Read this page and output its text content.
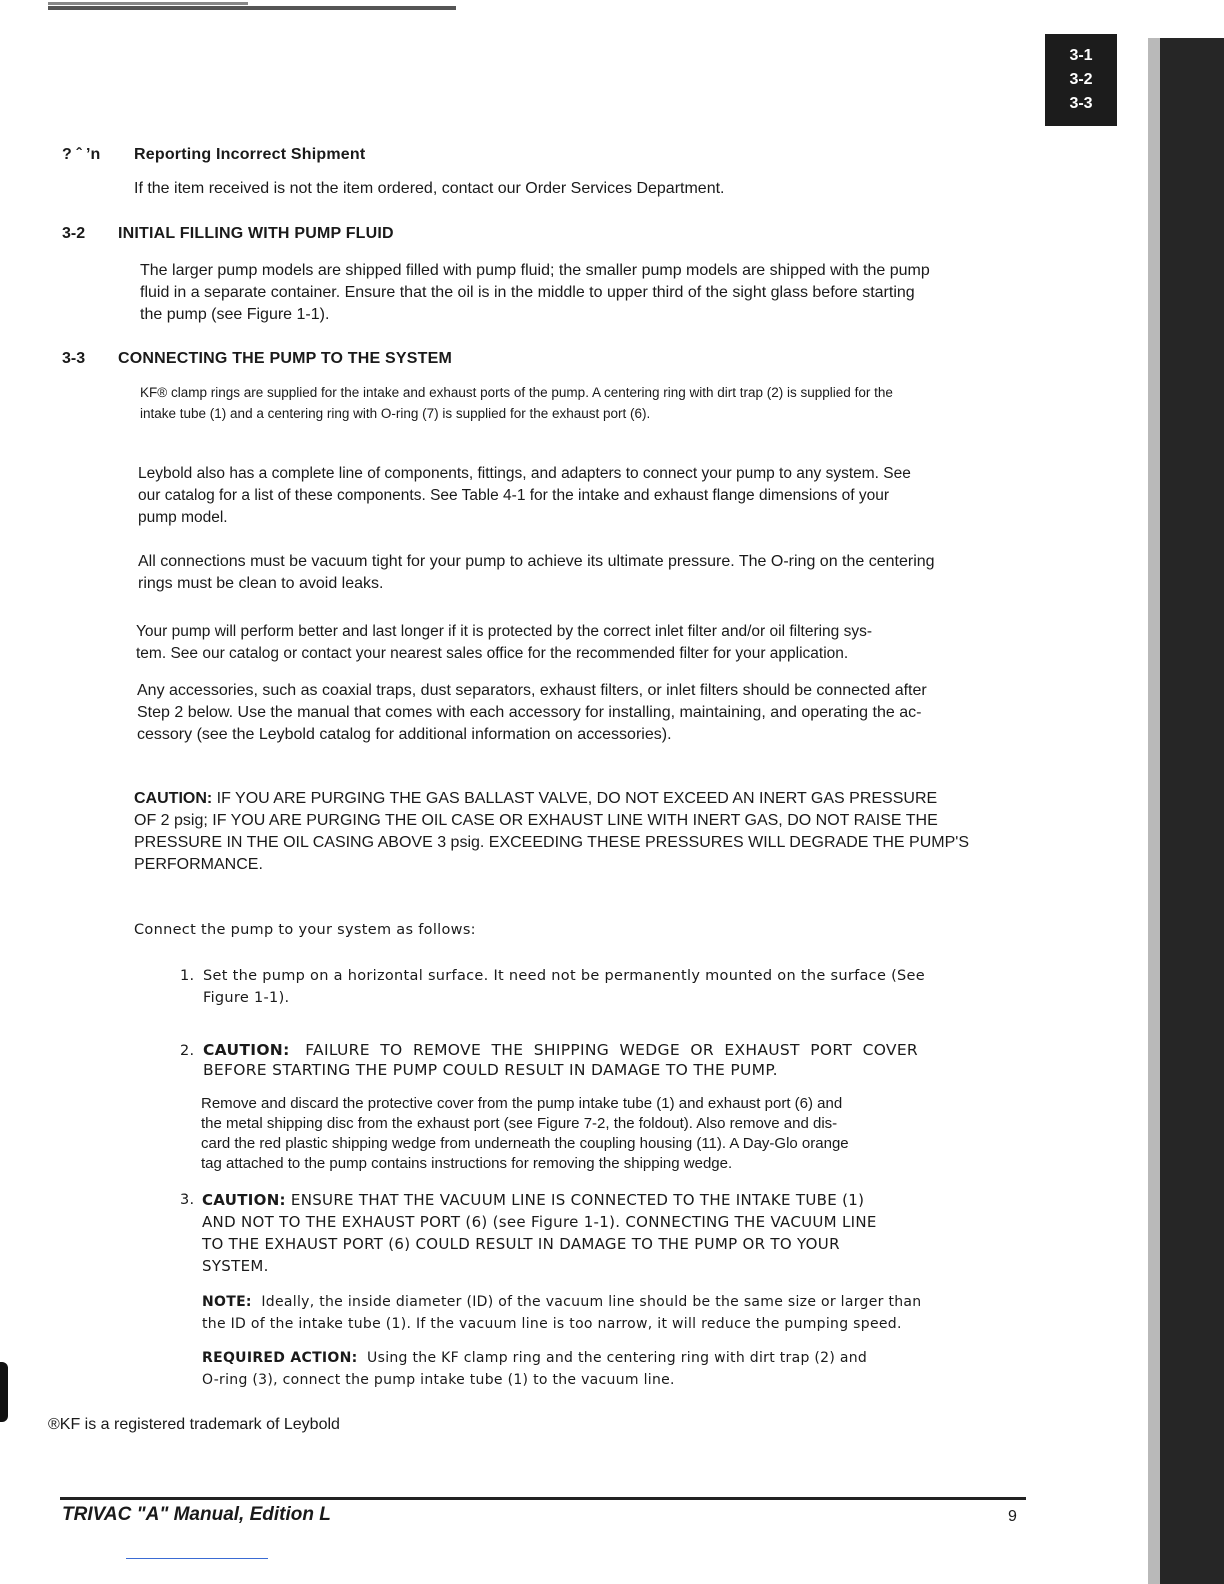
3-1
3-2
3-3
? ˆ ʼn Reporting Incorrect Shipment
If the item received is not the item ordered, contact our Order Services Department.
3-2 INITIAL FILLING WITH PUMP FLUID
The larger pump models are shipped filled with pump fluid; the smaller pump models are shipped with the pump
fluid in a separate container. Ensure that the oil is in the middle to upper third of the sight glass before starting
the pump (see Figure 1-1).
3-3 CONNECTING THE PUMP TO THE SYSTEM
KF® clamp rings are supplied for the intake and exhaust ports of the pump. A centering ring with dirt trap (2) is supplied for the
intake tube (1) and a centering ring with O-ring (7) is supplied for the exhaust port (6).
Leybold also has a complete line of components, fittings, and adapters to connect your pump to any system. See
our catalog for a list of these components. See Table 4-1 for the intake and exhaust flange dimensions of your
pump model.
All connections must be vacuum tight for your pump to achieve its ultimate pressure. The O-ring on the centering
rings must be clean to avoid leaks.
Your pump will perform better and last longer if it is protected by the correct inlet filter and/or oil filtering sys-
tem. See our catalog or contact your nearest sales office for the recommended filter for your application.
Any accessories, such as coaxial traps, dust separators, exhaust filters, or inlet filters should be connected after
Step 2 below. Use the manual that comes with each accessory for installing, maintaining, and operating the ac-
cessory (see the Leybold catalog for additional information on accessories).
CAUTION: IF YOU ARE PURGING THE GAS BALLAST VALVE, DO NOT EXCEED AN INERT GAS PRESSURE
OF 2 psig; IF YOU ARE PURGING THE OIL CASE OR EXHAUST LINE WITH INERT GAS, DO NOT RAISE THE
PRESSURE IN THE OIL CASING ABOVE 3 psig. EXCEEDING THESE PRESSURES WILL DEGRADE THE PUMP'S
PERFORMANCE.
Connect the pump to your system as follows:
1. Set the pump on a horizontal surface. It need not be permanently mounted on the surface (See
Figure 1-1).
2. CAUTION:   FAILURE  TO  REMOVE  THE  SHIPPING  WEDGE  OR  EXHAUST  PORT  COVER
BEFORE STARTING THE PUMP COULD RESULT IN DAMAGE TO THE PUMP.
Remove and discard the protective cover from the pump intake tube (1) and exhaust port (6) and
the metal shipping disc from the exhaust port (see Figure 7-2, the foldout). Also remove and dis-
card the red plastic shipping wedge from underneath the coupling housing (11). A Day-Glo orange
tag attached to the pump contains instructions for removing the shipping wedge.
3. CAUTION: ENSURE THAT THE VACUUM LINE IS CONNECTED TO THE INTAKE TUBE (1)
AND NOT TO THE EXHAUST PORT (6) (see Figure 1-1). CONNECTING THE VACUUM LINE
TO THE EXHAUST PORT (6) COULD RESULT IN DAMAGE TO THE PUMP OR TO YOUR
SYSTEM.
NOTE:  Ideally, the inside diameter (ID) of the vacuum line should be the same size or larger than
the ID of the intake tube (1). If the vacuum line is too narrow, it will reduce the pumping speed.
REQUIRED ACTION:  Using the KF clamp ring and the centering ring with dirt trap (2) and
O-ring (3), connect the pump intake tube (1) to the vacuum line.
®KF is a registered trademark of Leybold
TRIVAC "A" Manual, Edition L	9
